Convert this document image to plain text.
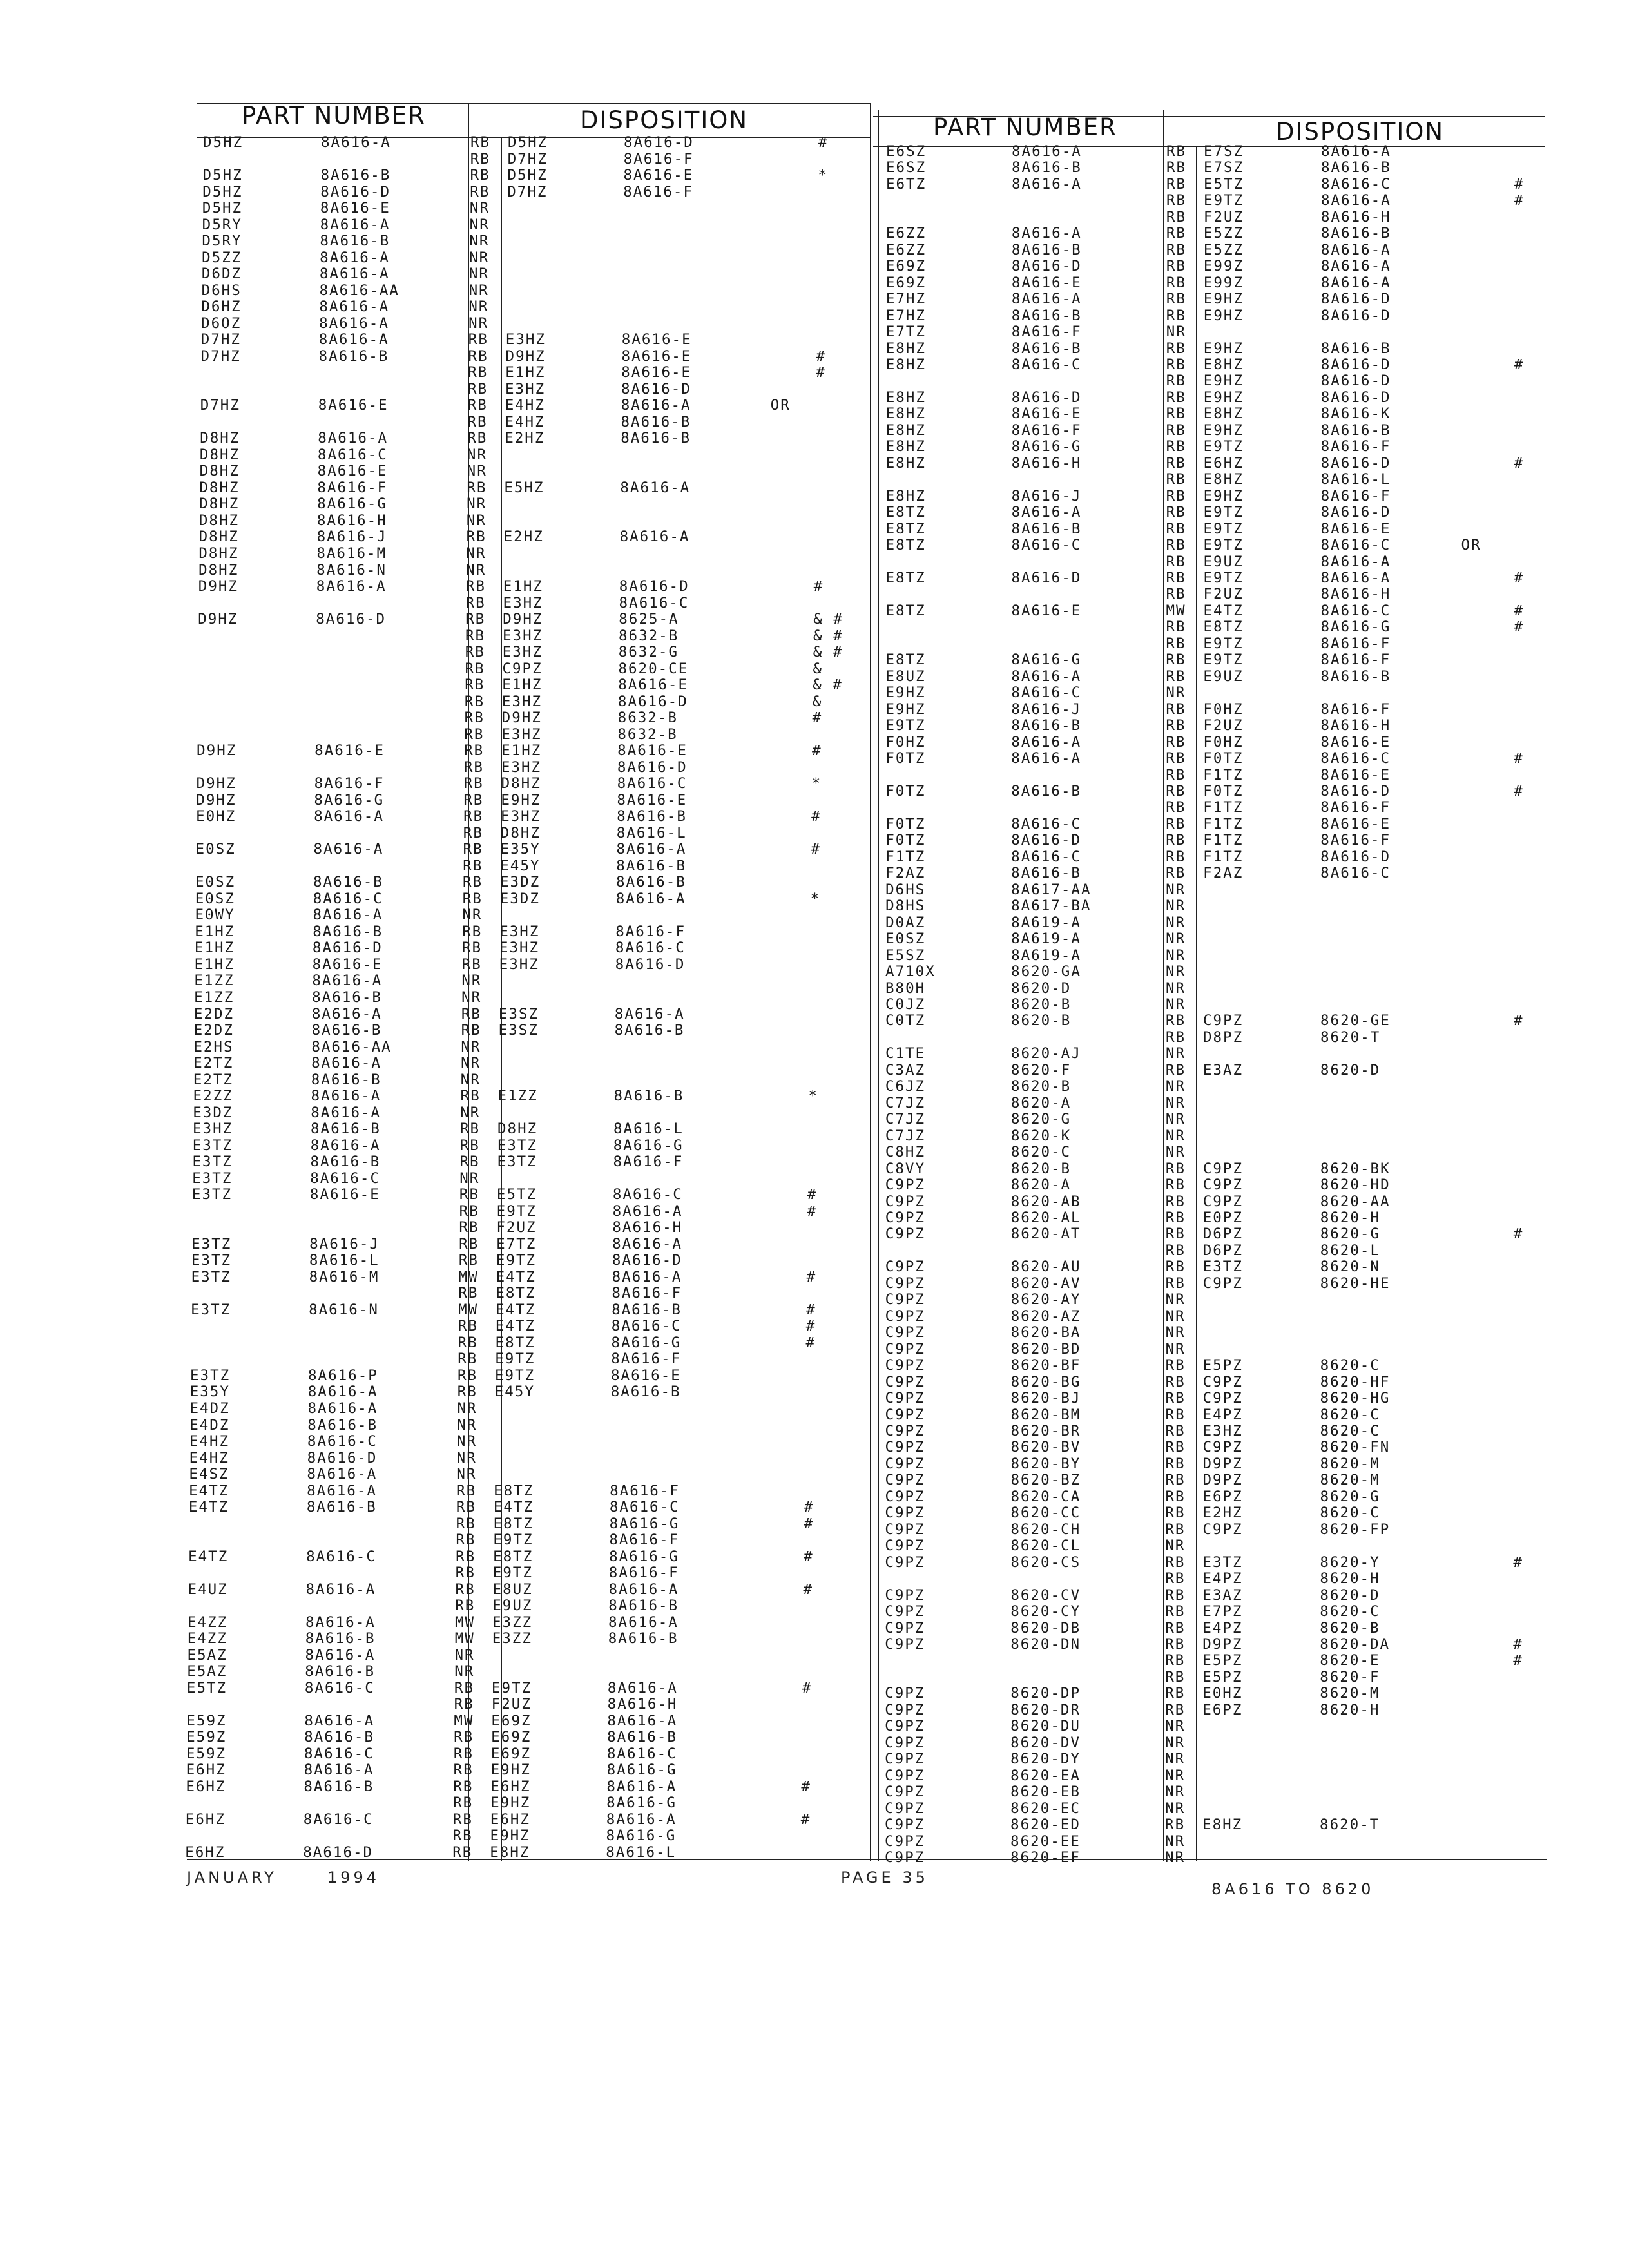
PART NUMBER	DISPOSITION	PART NUMBER	DISPOSITION
D5HZ	8A616-A	RB D5HZ	8A616-D	#
RB D7HZ	8A616-F
D5HZ	8A616-B	RB D5HZ	8A616-E	*
D5HZ	8A616-D	RB D7HZ	8A616-F
D5HZ	8A616-E	NR
D5RY	8A616-A	NR
D5RY	8A616-B	NR
D5ZZ	8A616-A	NR
D6DZ	8A616-A	NR
D6HS	8A616-AA	NR
D6HZ	8A616-A	NR
D6OZ	8A616-A	NR
D7HZ	8A616-A	RB E3HZ	8A616-E
D7HZ	8A616-B	RB D9HZ	8A616-E	#
RB E1HZ	8A616-E	#
RB E3HZ	8A616-D
D7HZ	8A616-E	RB E4HZ	8A616-A	OR
RB E4HZ	8A616-B
D8HZ	8A616-A	RB E2HZ	8A616-B
D8HZ	8A616-C	NR
D8HZ	8A616-E	NR
D8HZ	8A616-F	RB E5HZ	8A616-A
D8HZ	8A616-G	NR
D8HZ	8A616-H	NR
D8HZ	8A616-J	RB E2HZ	8A616-A
D8HZ	8A616-M	NR
D8HZ	8A616-N	NR
D9HZ	8A616-A	RB E1HZ	8A616-D	#
RB E3HZ	8A616-C
D9HZ	8A616-D	RB D9HZ	8625-A	& #
RB E3HZ	8632-B	& #
RB E3HZ	8632-G	& #
RB C9PZ	8620-CE	&
RB E1HZ	8A616-E	& #
RB E3HZ	8A616-D	&
RB D9HZ	8632-B	#
RB E3HZ	8632-B
D9HZ	8A616-E	RB E1HZ	8A616-E	#
RB E3HZ	8A616-D
D9HZ	8A616-F	RB D8HZ	8A616-C	*
D9HZ	8A616-G	RB E9HZ	8A616-E
E0HZ	8A616-A	RB E3HZ	8A616-B	#
RB D8HZ	8A616-L
E0SZ	8A616-A	RB E35Y	8A616-A	#
RB E45Y	8A616-B
E0SZ	8A616-B	RB E3DZ	8A616-B
E0SZ	8A616-C	RB E3DZ	8A616-A	*
E0WY	8A616-A	NR
E1HZ	8A616-B	RB E3HZ	8A616-F
E1HZ	8A616-D	RB E3HZ	8A616-C
E1HZ	8A616-E	RB E3HZ	8A616-D
E1ZZ	8A616-A	NR
E1ZZ	8A616-B	NR
E2DZ	8A616-A	RB E3SZ	8A616-A
E2DZ	8A616-B	RB E3SZ	8A616-B
E2HS	8A616-AA	NR
E2TZ	8A616-A	NR
E2TZ	8A616-B	NR
E2ZZ	8A616-A	RB E1ZZ	8A616-B	*
E3DZ	8A616-A	NR
E3HZ	8A616-B	RB D8HZ	8A616-L
E3TZ	8A616-A	RB E3TZ	8A616-G
E3TZ	8A616-B	RB E3TZ	8A616-F
E3TZ	8A616-C	NR
E3TZ	8A616-E	RB E5TZ	8A616-C	#
RB E9TZ	8A616-A	#
RB F2UZ	8A616-H
E3TZ	8A616-J	RB E7TZ	8A616-A
E3TZ	8A616-L	RB E9TZ	8A616-D
E3TZ	8A616-M	MW E4TZ	8A616-A	#
RB E8TZ	8A616-F
E3TZ	8A616-N	MW E4TZ	8A616-B	#
RB E4TZ	8A616-C	#
RB E8TZ	8A616-G	#
RB E9TZ	8A616-F
E3TZ	8A616-P	RB E9TZ	8A616-E
E35Y	8A616-A	RB E45Y	8A616-B
E4DZ	8A616-A	NR
E4DZ	8A616-B	NR
E4HZ	8A616-C	NR
E4HZ	8A616-D	NR
E4SZ	8A616-A	NR
E4TZ	8A616-A	RB E8TZ	8A616-F
E4TZ	8A616-B	RB E4TZ	8A616-C	#
RB E8TZ	8A616-G	#
RB E9TZ	8A616-F
E4TZ	8A616-C	RB E8TZ	8A616-G	#
RB E9TZ	8A616-F
E4UZ	8A616-A	RB E8UZ	8A616-A	#
RB E9UZ	8A616-B
E4ZZ	8A616-A	MW E3ZZ	8A616-A
E4ZZ	8A616-B	MW E3ZZ	8A616-B
E5AZ	8A616-A	NR
E5AZ	8A616-B	NR
E5TZ	8A616-C	RB E9TZ	8A616-A	#
RB F2UZ	8A616-H
E59Z	8A616-A	MW E69Z	8A616-A
E59Z	8A616-B	RB E69Z	8A616-B
E59Z	8A616-C	RB E69Z	8A616-C
E6HZ	8A616-A	RB E9HZ	8A616-G
E6HZ	8A616-B	RB E6HZ	8A616-A	#
RB E9HZ	8A616-G
E6HZ	8A616-C	RB E6HZ	8A616-A	#
RB E9HZ	8A616-G
E6HZ	8A616-D	RB E8HZ	8A616-L
E6SZ	8A616-A	RB E7SZ	8A616-A
E6SZ	8A616-B	RB E7SZ	8A616-B
E6TZ	8A616-A	RB E5TZ	8A616-C	#
RB E9TZ	8A616-A	#
RB F2UZ	8A616-H
E6ZZ	8A616-A	RB E5ZZ	8A616-B
E6ZZ	8A616-B	RB E5ZZ	8A616-A
E69Z	8A616-D	RB E99Z	8A616-A
E69Z	8A616-E	RB E99Z	8A616-A
E7HZ	8A616-A	RB E9HZ	8A616-D
E7HZ	8A616-B	RB E9HZ	8A616-D
E7TZ	8A616-F	NR
E8HZ	8A616-B	RB E9HZ	8A616-B
E8HZ	8A616-C	RB E8HZ	8A616-D	#
RB E9HZ	8A616-D
E8HZ	8A616-D	RB E9HZ	8A616-D
E8HZ	8A616-E	RB E8HZ	8A616-K
E8HZ	8A616-F	RB E9HZ	8A616-B
E8HZ	8A616-G	RB E9TZ	8A616-F
E8HZ	8A616-H	RB E6HZ	8A616-D	#
RB E8HZ	8A616-L
E8HZ	8A616-J	RB E9HZ	8A616-F
E8TZ	8A616-A	RB E9TZ	8A616-D
E8TZ	8A616-B	RB E9TZ	8A616-E
E8TZ	8A616-C	RB E9TZ	8A616-C	OR
RB E9UZ	8A616-A
E8TZ	8A616-D	RB E9TZ	8A616-A	#
RB F2UZ	8A616-H
E8TZ	8A616-E	MW E4TZ	8A616-C	#
RB E8TZ	8A616-G	#
RB E9TZ	8A616-F
E8TZ	8A616-G	RB E9TZ	8A616-F
E8UZ	8A616-A	RB E9UZ	8A616-B
E9HZ	8A616-C	NR
E9HZ	8A616-J	RB F0HZ	8A616-F
E9TZ	8A616-B	RB F2UZ	8A616-H
F0HZ	8A616-A	RB F0HZ	8A616-E
F0TZ	8A616-A	RB F0TZ	8A616-C	#
RB F1TZ	8A616-E
F0TZ	8A616-B	RB F0TZ	8A616-D	#
RB F1TZ	8A616-F
F0TZ	8A616-C	RB F1TZ	8A616-E
F0TZ	8A616-D	RB F1TZ	8A616-F
F1TZ	8A616-C	RB F1TZ	8A616-D
F2AZ	8A616-B	RB F2AZ	8A616-C
D6HS	8A617-AA	NR
D8HS	8A617-BA	NR
D0AZ	8A619-A	NR
E0SZ	8A619-A	NR
E5SZ	8A619-A	NR
A710X	8620-GA	NR
B80H	8620-D	NR
C0JZ	8620-B	NR
C0TZ	8620-B	RB C9PZ	8620-GE	#
RB D8PZ	8620-T
C1TE	8620-AJ	NR
C3AZ	8620-F	RB E3AZ	8620-D
C6JZ	8620-B	NR
C7JZ	8620-A	NR
C7JZ	8620-G	NR
C7JZ	8620-K	NR
C8HZ	8620-C	NR
C8VY	8620-B	RB C9PZ	8620-BK
C9PZ	8620-A	RB C9PZ	8620-HD
C9PZ	8620-AB	RB C9PZ	8620-AA
C9PZ	8620-AL	RB E0PZ	8620-H
C9PZ	8620-AT	RB D6PZ	8620-G	#
RB D6PZ	8620-L
C9PZ	8620-AU	RB E3TZ	8620-N
C9PZ	8620-AV	RB C9PZ	8620-HE
C9PZ	8620-AY	NR
C9PZ	8620-AZ	NR
C9PZ	8620-BA	NR
C9PZ	8620-BD	NR
C9PZ	8620-BF	RB E5PZ	8620-C
C9PZ	8620-BG	RB C9PZ	8620-HF
C9PZ	8620-BJ	RB C9PZ	8620-HG
C9PZ	8620-BM	RB E4PZ	8620-C
C9PZ	8620-BR	RB E3HZ	8620-C
C9PZ	8620-BV	RB C9PZ	8620-FN
C9PZ	8620-BY	RB D9PZ	8620-M
C9PZ	8620-BZ	RB D9PZ	8620-M
C9PZ	8620-CA	RB E6PZ	8620-G
C9PZ	8620-CC	RB E2HZ	8620-C
C9PZ	8620-CH	RB C9PZ	8620-FP
C9PZ	8620-CL	NR
C9PZ	8620-CS	RB E3TZ	8620-Y	#
RB E4PZ	8620-H
C9PZ	8620-CV	RB E3AZ	8620-D
C9PZ	8620-CY	RB E7PZ	8620-C
C9PZ	8620-DB	RB E4PZ	8620-B
C9PZ	8620-DN	RB D9PZ	8620-DA	#
RB E5PZ	8620-E	#
RB E5PZ	8620-F
C9PZ	8620-DP	RB E0HZ	8620-M
C9PZ	8620-DR	RB E6PZ	8620-H
C9PZ	8620-DU	NR
C9PZ	8620-DV	NR
C9PZ	8620-DY	NR
C9PZ	8620-EA	NR
C9PZ	8620-EB	NR
C9PZ	8620-EC	NR
C9PZ	8620-ED	RB E8HZ	8620-T
C9PZ	8620-EE	NR
C9PZ	8620-EF	NR
JANUARY	1994	PAGE 35
8A616 TO 8620
